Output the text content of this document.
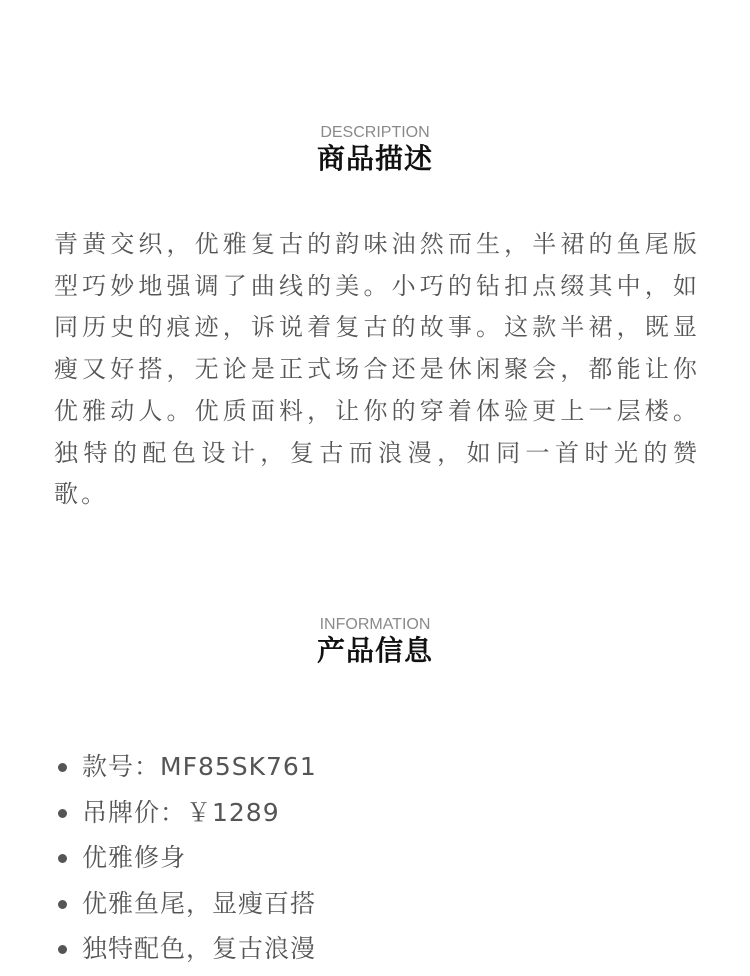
DESCRIPTION
商品描述

青黄交织，优雅复古的韵味油然而生，半裙的鱼尾版型巧妙地强调了曲线的美。小巧的钻扣点缀其中，如同历史的痕迹，诉说着复古的故事。这款半裙，既显瘦又好搭，无论是正式场合还是休闲聚会，都能让你优雅动人。优质面料，让你的穿着体验更上一层楼。独特的配色设计，复古而浪漫，如同一首时光的赞歌。

INFORMATION
产品信息
款号：MF85SK761
吊牌价：￥1289
优雅修身
优雅鱼尾，显瘦百搭
独特配色，复古浪漫
